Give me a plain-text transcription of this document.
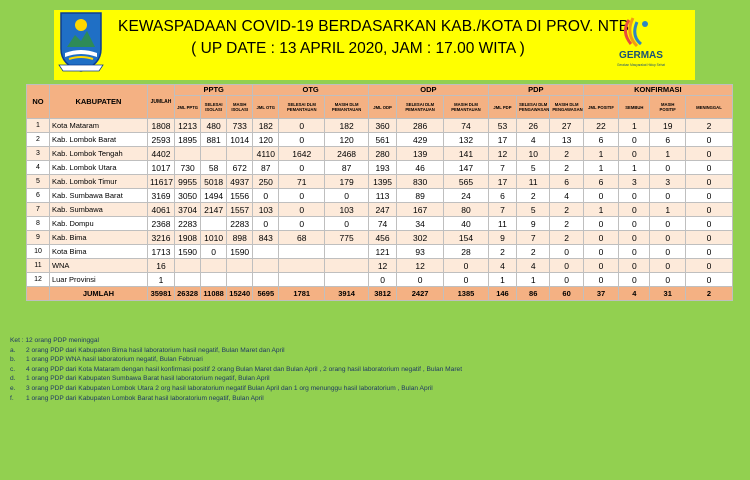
KEWASPADAAN COVID-19 BERDASARKAN KAB./KOTA DI PROV. NTB
( UP DATE : 13 APRIL 2020, JAM : 17.00 WITA )	GERMAS
Gerakan Masyarakat Hidup Sehat
NO	KABUPATEN	JUMLAH	PPTG			OTG			ODP			PDP			KONFIRMASI			
			JML PPTG	SELESAI ISOLASI	MASIH ISOLASI	JML OTG	SELESAI DLM PEMANTAUAN	MASIH DLM PEMANTAUAN	JML ODP	SELESAI DLM PEMANTAUAN	MASIH DLM PEMANTAUAN	JML PDP	SELESAI DLM PENGAWASAN	MASIH DLM PENGAWASAN	JML POSITIF	SEMBUH	MASIH POSITIF	MENINGGAL
1	Kota Mataram	1808	1213	480	733	182	0	182	360	286	74	53	26	27	22	1	19	2
2	Kab. Lombok Barat	2593	1895	881	1014	120	0	120	561	429	132	17	4	13	6	0	6	0
3	Kab. Lombok Tengah	4402				4110	1642	2468	280	139	141	12	10	2	1	0	1	0
4	Kab. Lombok Utara	1017	730	58	672	87	0	87	193	46	147	7	5	2	1	1	0	0
5	Kab. Lombok Timur	11617	9955	5018	4937	250	71	179	1395	830	565	17	11	6	6	3	3	0
6	Kab. Sumbawa Barat	3169	3050	1494	1556	0	0	0	113	89	24	6	2	4	0	0	0	0
7	Kab. Sumbawa	4061	3704	2147	1557	103	0	103	247	167	80	7	5	2	1	0	1	0
8	Kab. Dompu	2368	2283		2283	0	0	0	74	34	40	11	9	2	0	0	0	0
9	Kab. Bima	3216	1908	1010	898	843	68	775	456	302	154	9	7	2	0	0	0	0
10	Kota Bima	1713	1590	0	1590				121	93	28	2	2	0	0	0	0	0
11	WNA	16							12	12	0	4	4	0	0	0	0	0
12	Luar Provinsi	1							0	0	0	1	1	0	0	0	0	0
	JUMLAH	35981	26328	11088	15240	5695	1781	3914	3812	2427	1385	146	86	60	37	4	31	2
Ket : 12 orang PDP meninggal
a. 2 orang PDP dari Kabupaten Bima hasil laboratorium hasil negatif, Bulan Maret dan April
b. 1 orang PDP WNA hasil laboratorium negatif, Bulan Februari
c. 4 orang PDP dari Kota Mataram dengan hasil konfirmasi positif 2 orang Bulan Maret dan Bulan April , 2 orang hasil laboratorium negatif , Bulan Maret
d. 1 orang PDP dari Kabupaten Sumbawa Barat hasil laboratorium negatif, Bulan April
e. 3 orang PDP dari Kabupaten Lombok Utara 2 org hasil laboratorium negatif Bulan April dan 1 org menunggu hasil laboratorium , Bulan April
f. 1 orang PDP dari Kabupaten Lombok Barat hasil laboratorium negatif, Bulan April
